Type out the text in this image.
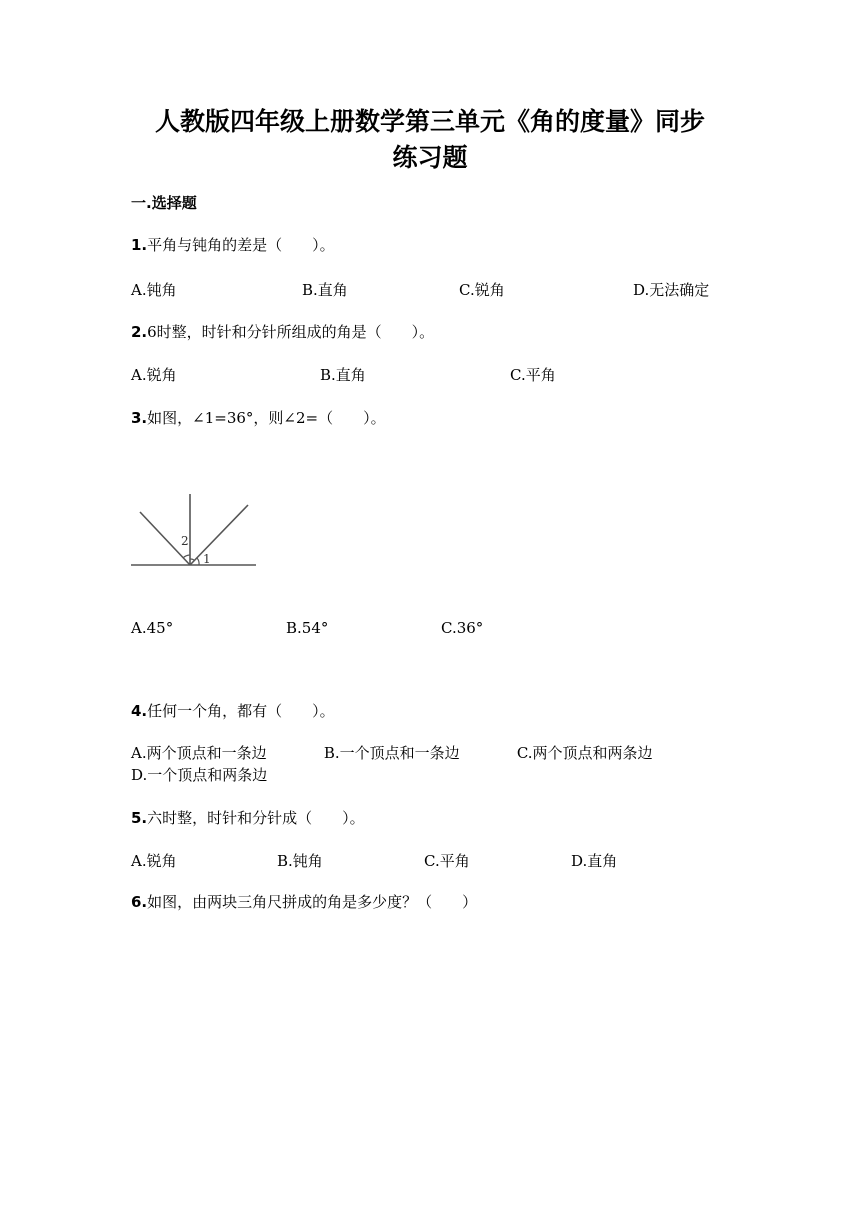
人教版四年级上册数学第三单元《角的度量》同步
练习题
一.选择题
1.平角与钝角的差是（　　）。
A.钝角	B.直角	C.锐角	D.无法确定
2.6时整，时针和分针所组成的角是（　　）。
A.锐角	B.直角	C.平角
3.如图，∠1=36°，则∠2=（　　）。
2
1
A.45°	B.54°	C.36°
4.任何一个角，都有（　　）。
A.两个顶点和一条边	B.一个顶点和一条边	C.两个顶点和两条边            D.一个顶点和两条边
5.六时整，时针和分针成（　　）。
A.锐角	B.钝角	C.平角	D.直角
6.如图，由两块三角尺拼成的角是多少度？（　　）
